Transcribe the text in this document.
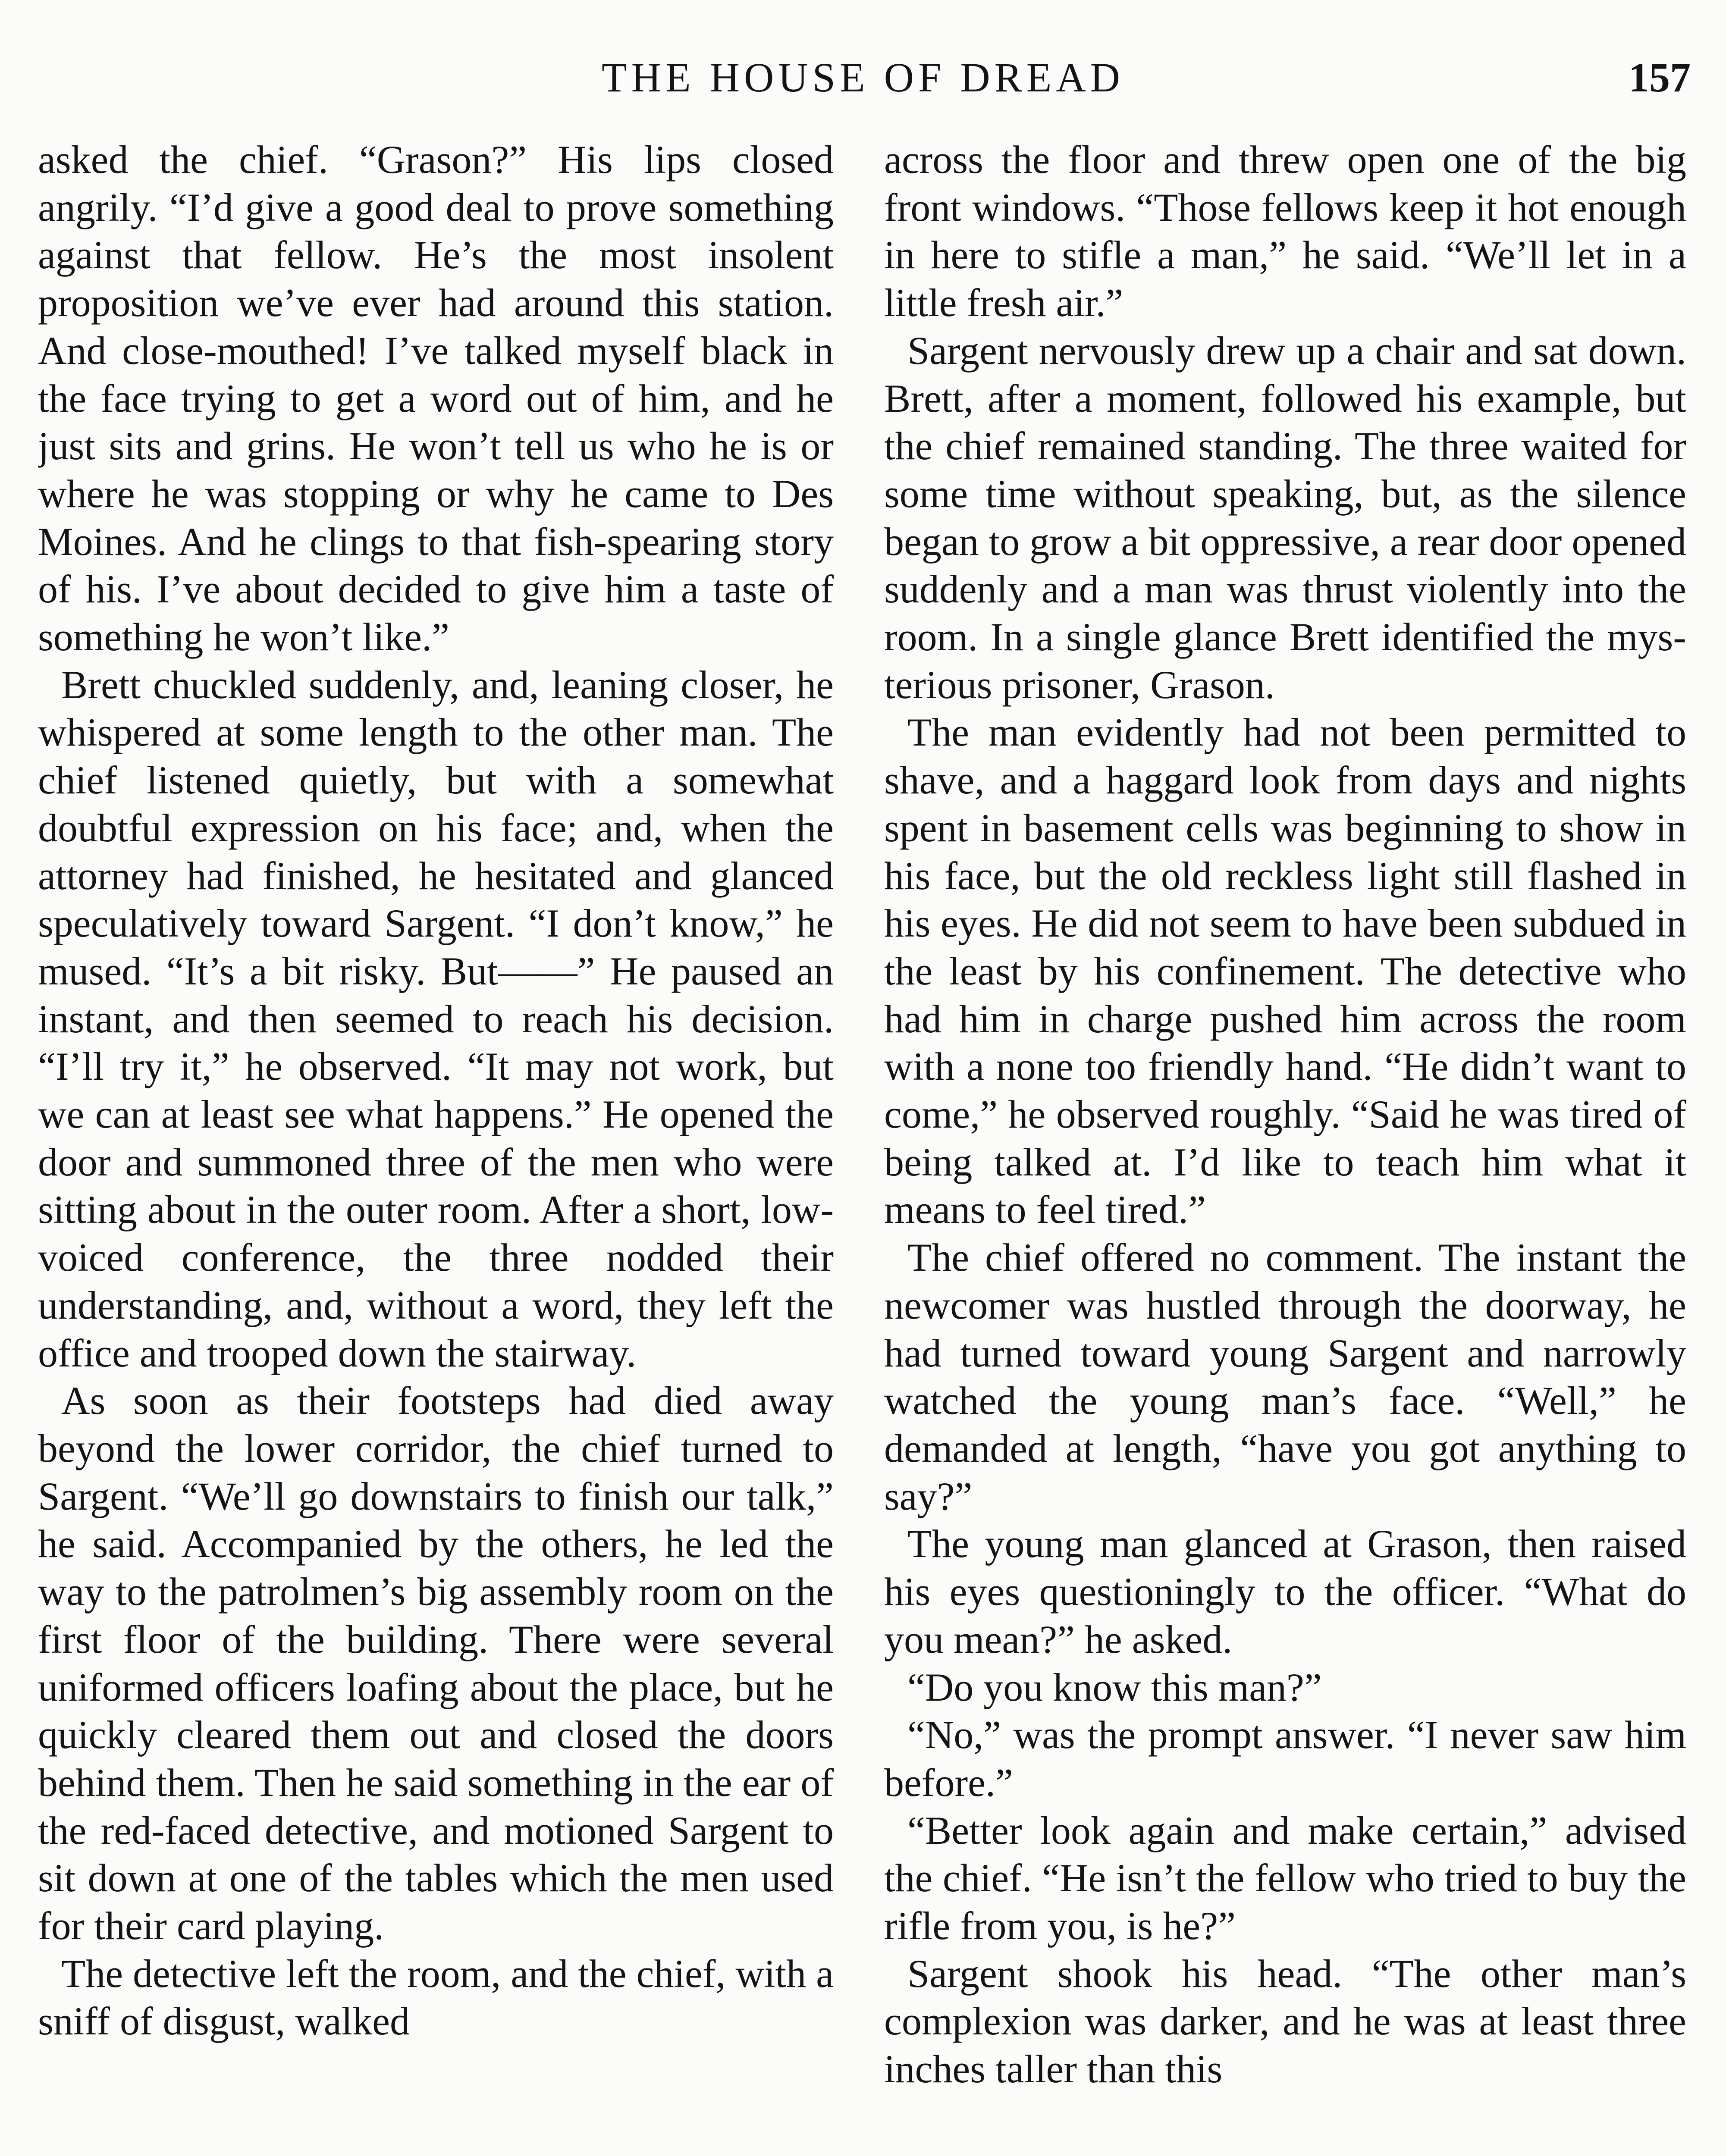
THE HOUSE OF DREAD	157

asked the chief. “Grason?” His lips closed angrily. “I’d give a good deal to prove something against that fellow. He’s the most insolent proposition we’ve ever had around this station. And close-mouthed! I’ve talked myself black in the face trying to get a word out of him, and he just sits and grins. He won’t tell us who he is or where he was stopping or why he came to Des Moines. And he clings to that fish-spearing story of his. I’ve about decided to give him a taste of something he won’t like.”

Brett chuckled suddenly, and, leaning closer, he whispered at some length to the other man. The chief listened quietly, but with a somewhat doubtful expression on his face; and, when the attorney had finished, he hesitated and glanced speculatively toward Sargent. “I don’t know,” he mused. “It’s a bit risky. But——” He paused an instant, and then seemed to reach his decision. “I’ll try it,” he observed. “It may not work, but we can at least see what happens.” He opened the door and summoned three of the men who were sitting about in the outer room. After a short, low-voiced conference, the three nodded their understanding, and, without a word, they left the office and trooped down the stairway.

As soon as their footsteps had died away beyond the lower corridor, the chief turned to Sargent. “We’ll go downstairs to finish our talk,” he said. Accompanied by the others, he led the way to the patrolmen’s big assembly room on the first floor of the building. There were several uniformed officers loafing about the place, but he quickly cleared them out and closed the doors behind them. Then he said something in the ear of the red-faced detective, and motioned Sargent to sit down at one of the tables which the men used for their card playing.

The detective left the room, and the chief, with a sniff of disgust, walked

across the floor and threw open one of the big front windows. “Those fellows keep it hot enough in here to stifle a man,” he said. “We’ll let in a little fresh air.”

Sargent nervously drew up a chair and sat down. Brett, after a moment, followed his example, but the chief remained standing. The three waited for some time without speaking, but, as the silence began to grow a bit oppressive, a rear door opened suddenly and a man was thrust violently into the room. In a single glance Brett identified the mysterious prisoner, Grason.

The man evidently had not been permitted to shave, and a haggard look from days and nights spent in basement cells was beginning to show in his face, but the old reckless light still flashed in his eyes. He did not seem to have been subdued in the least by his confinement. The detective who had him in charge pushed him across the room with a none too friendly hand. “He didn’t want to come,” he observed roughly. “Said he was tired of being talked at. I’d like to teach him what it means to feel tired.”

The chief offered no comment. The instant the newcomer was hustled through the doorway, he had turned toward young Sargent and narrowly watched the young man’s face. “Well,” he demanded at length, “have you got anything to say?”

The young man glanced at Grason, then raised his eyes questioningly to the officer. “What do you mean?” he asked.

“Do you know this man?”

“No,” was the prompt answer. “I never saw him before.”

“Better look again and make certain,” advised the chief. “He isn’t the fellow who tried to buy the rifle from you, is he?”

Sargent shook his head. “The other man’s complexion was darker, and he was at least three inches taller than this
